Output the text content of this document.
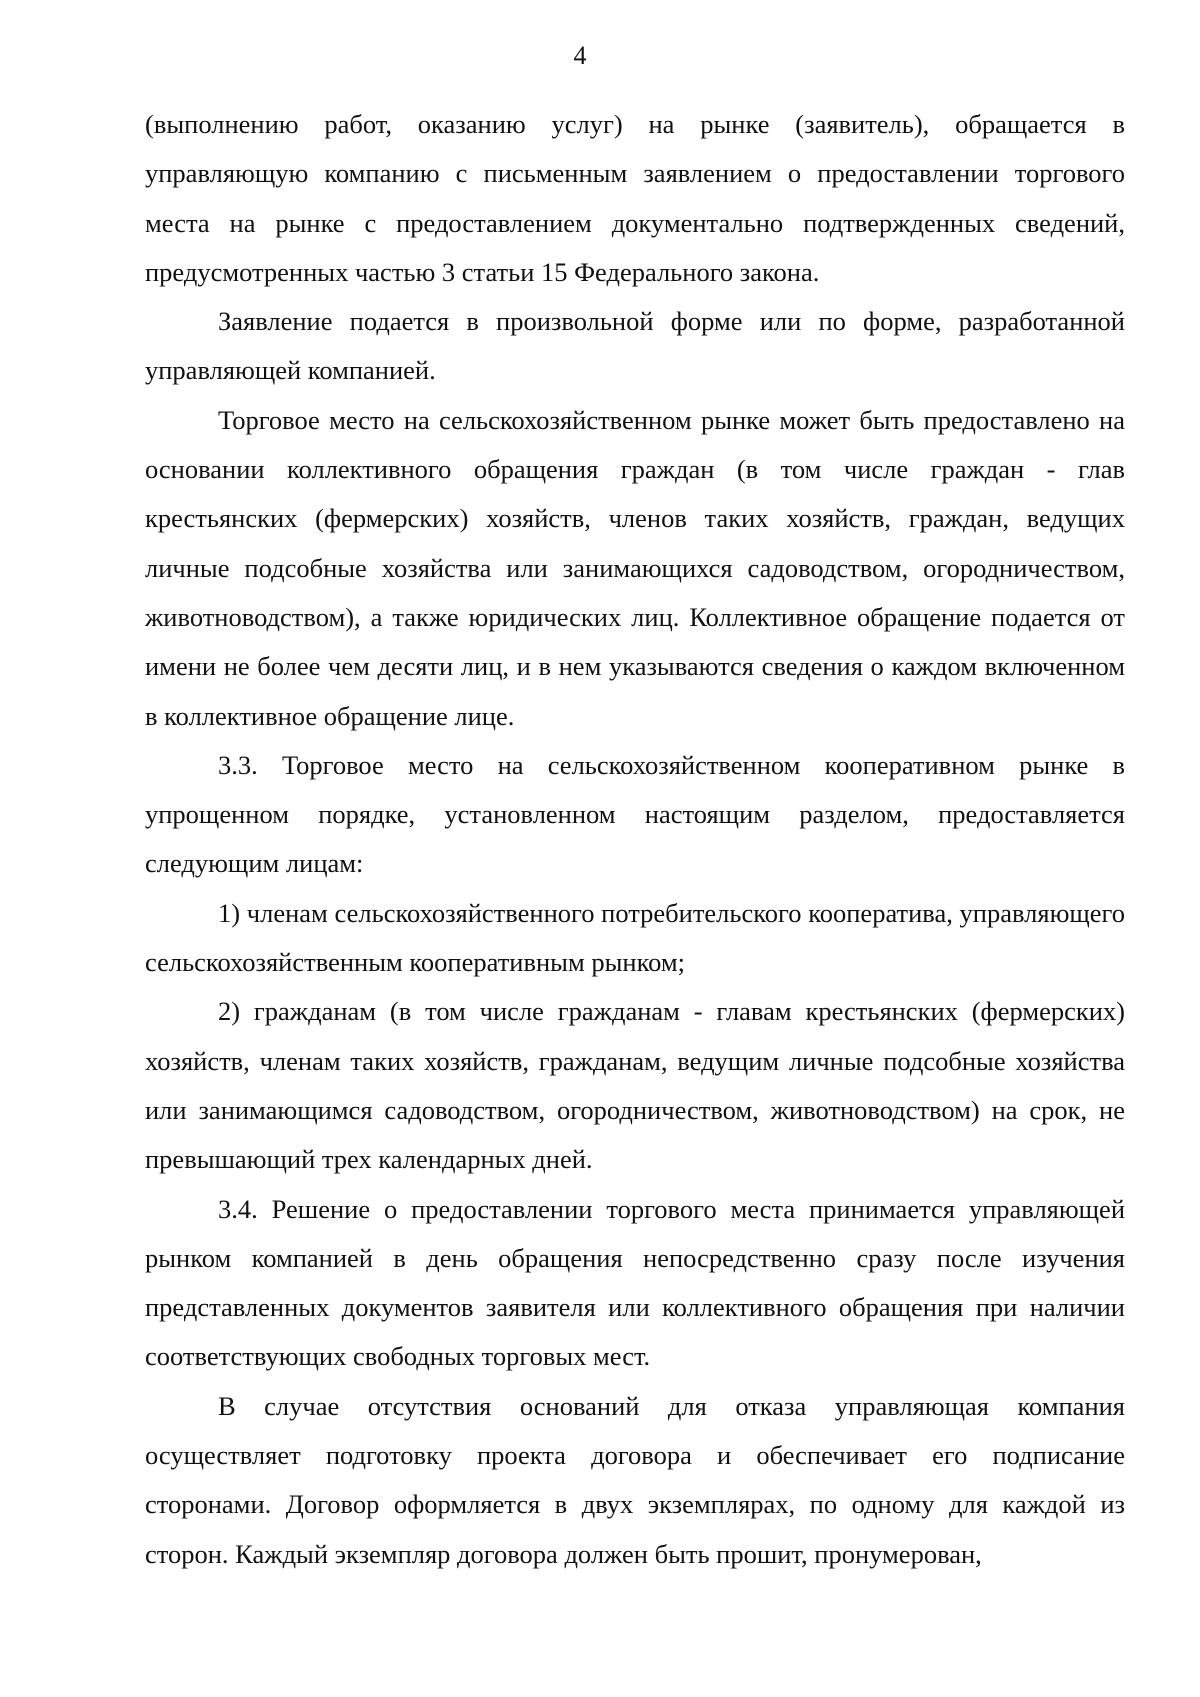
4

(выполнению работ, оказанию услуг) на рынке (заявитель), обращается в управляющую компанию с письменным заявлением о предоставлении торгового места на рынке с предоставлением документально подтвержденных сведений, предусмотренных частью 3 статьи 15 Федерального закона.

Заявление подается в произвольной форме или по форме, разработанной управляющей компанией.

Торговое место на сельскохозяйственном рынке может быть предоставлено на основании коллективного обращения граждан (в том числе граждан - глав крестьянских (фермерских) хозяйств, членов таких хозяйств, граждан, ведущих личные подсобные хозяйства или занимающихся садоводством, огородничеством, животноводством), а также юридических лиц. Коллективное обращение подается от имени не более чем десяти лиц, и в нем указываются сведения о каждом включенном в коллективное обращение лице.

3.3. Торговое место на сельскохозяйственном кооперативном рынке в упрощенном порядке, установленном настоящим разделом, предоставляется следующим лицам:

1) членам сельскохозяйственного потребительского кооператива, управляющего сельскохозяйственным кооперативным рынком;

2) гражданам (в том числе гражданам - главам крестьянских (фермерских) хозяйств, членам таких хозяйств, гражданам, ведущим личные подсобные хозяйства или занимающимся садоводством, огородничеством, животноводством) на срок, не превышающий трех календарных дней.

3.4. Решение о предоставлении торгового места принимается управляющей рынком компанией в день обращения непосредственно сразу после изучения представленных документов заявителя или коллективного обращения при наличии соответствующих свободных торговых мест.

В случае отсутствия оснований для отказа управляющая компания осуществляет подготовку проекта договора и обеспечивает его подписание сторонами. Договор оформляется в двух экземплярах, по одному для каждой из сторон. Каждый экземпляр договора должен быть прошит, пронумерован,
